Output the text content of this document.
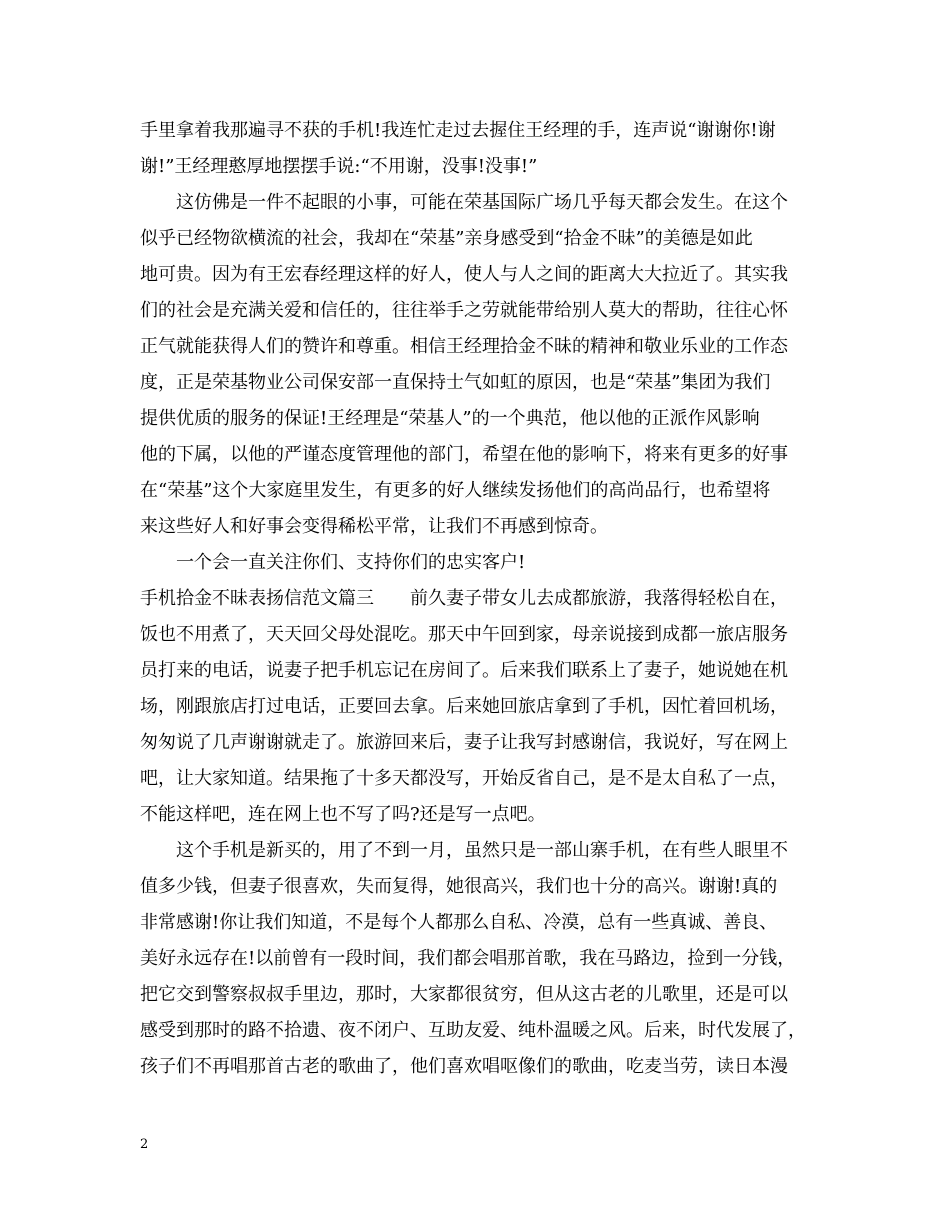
手里拿着我那遍寻不获的手机!我连忙走过去握住王经理的手，连声说“谢谢你!谢
谢!”王经理憨厚地摆摆手说:“不用谢，没事!没事!”
这仿佛是一件不起眼的小事，可能在荣基国际广场几乎每天都会发生。在这个
似乎已经物欲横流的社会，我却在“荣基”亲身感受到“拾金不昧”的美德是如此
地可贵。因为有王宏春经理这样的好人，使人与人之间的距离大大拉近了。其实我
们的社会是充满关爱和信任的，往往举手之劳就能带给别人莫大的帮助，往往心怀
正气就能获得人们的赞许和尊重。相信王经理拾金不昧的精神和敬业乐业的工作态
度，正是荣基物业公司保安部一直保持士气如虹的原因，也是“荣基”集团为我们
提供优质的服务的保证!王经理是“荣基人”的一个典范，他以他的正派作风影响
他的下属，以他的严谨态度管理他的部门，希望在他的影响下，将来有更多的好事
在“荣基”这个大家庭里发生，有更多的好人继续发扬他们的高尚品行，也希望将
来这些好人和好事会变得稀松平常，让我们不再感到惊奇。
一个会一直关注你们、支持你们的忠实客户!
手机拾金不昧表扬信范文篇三　　前久妻子带女儿去成都旅游，我落得轻松自在，
饭也不用煮了，天天回父母处混吃。那天中午回到家，母亲说接到成都一旅店服务
员打来的电话，说妻子把手机忘记在房间了。后来我们联系上了妻子，她说她在机
场，刚跟旅店打过电话，正要回去拿。后来她回旅店拿到了手机，因忙着回机场，
匆匆说了几声谢谢就走了。旅游回来后，妻子让我写封感谢信，我说好，写在网上
吧，让大家知道。结果拖了十多天都没写，开始反省自己，是不是太自私了一点，
不能这样吧，连在网上也不写了吗?还是写一点吧。
这个手机是新买的，用了不到一月，虽然只是一部山寨手机，在有些人眼里不
值多少钱，但妻子很喜欢，失而复得，她很高兴，我们也十分的高兴。谢谢!真的
非常感谢!你让我们知道，不是每个人都那么自私、冷漠，总有一些真诚、善良、
美好永远存在!以前曾有一段时间，我们都会唱那首歌，我在马路边，捡到一分钱，
把它交到警察叔叔手里边，那时，大家都很贫穷，但从这古老的儿歌里，还是可以
感受到那时的路不拾遗、夜不闭户、互助友爱、纯朴温暖之风。后来，时代发展了，
孩子们不再唱那首古老的歌曲了，他们喜欢唱呕像们的歌曲，吃麦当劳，读日本漫
2
